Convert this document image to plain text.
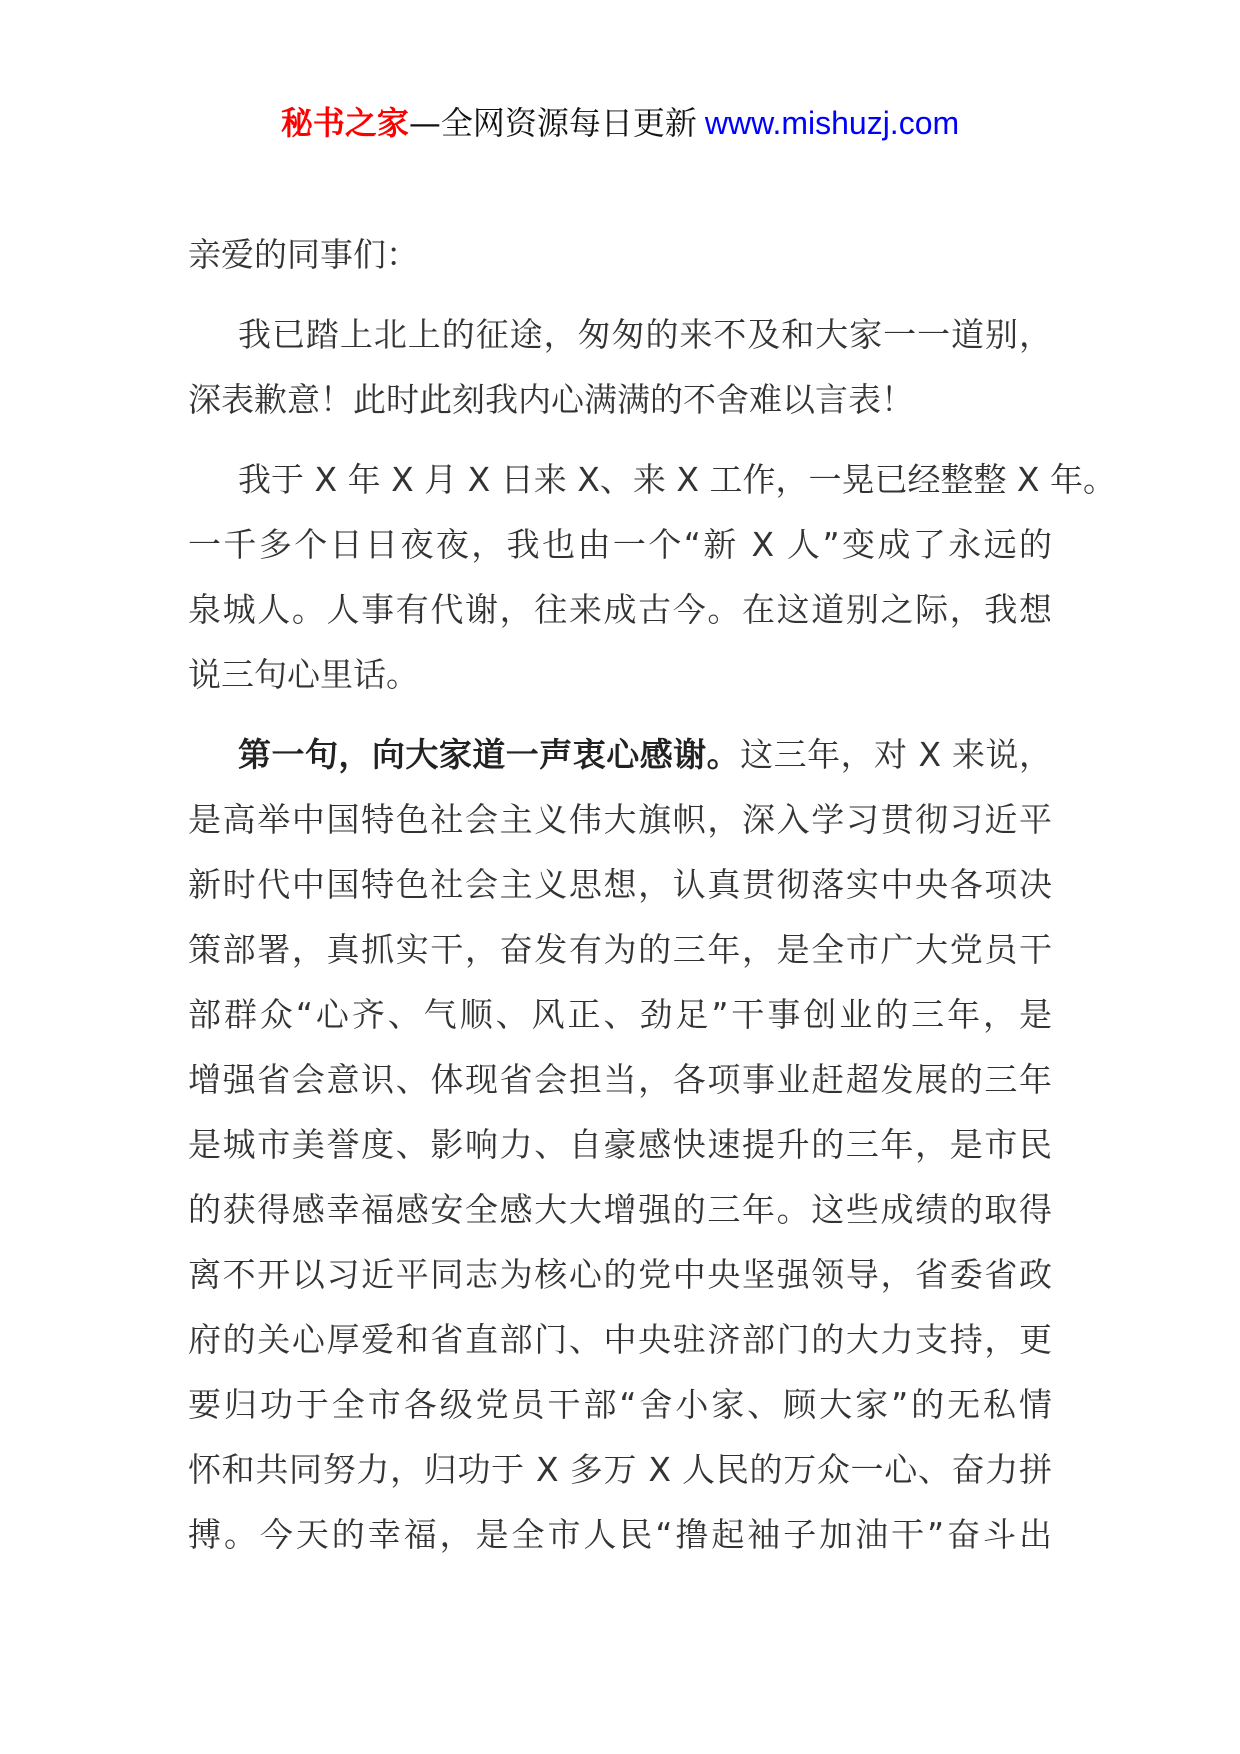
秘书之家—全网资源每日更新 www.mishuzj.com
亲爱的同事们：
我已踏上北上的征途，匆匆的来不及和大家一一道别，
深表歉意！此时此刻我内心满满的不舍难以言表！
我于 X 年 X 月 X 日来 X、来 X 工作，一晃已经整整 X 年。
一千多个日日夜夜，我也由一个“新 X 人”变成了永远的
泉城人。人事有代谢，往来成古今。在这道别之际，我想
说三句心里话。
第一句，向大家道一声衷心感谢。这三年，对 X 来说，
是高举中国特色社会主义伟大旗帜，深入学习贯彻习近平
新时代中国特色社会主义思想，认真贯彻落实中央各项决
策部署，真抓实干，奋发有为的三年，是全市广大党员干
部群众“心齐、气顺、风正、劲足”干事创业的三年，是
增强省会意识、体现省会担当，各项事业赶超发展的三年
是城市美誉度、影响力、自豪感快速提升的三年，是市民
的获得感幸福感安全感大大增强的三年。这些成绩的取得
离不开以习近平同志为核心的党中央坚强领导，省委省政
府的关心厚爱和省直部门、中央驻济部门的大力支持，更
要归功于全市各级党员干部“舍小家、顾大家”的无私情
怀和共同努力，归功于 X 多万 X 人民的万众一心、奋力拼
搏。今天的幸福，是全市人民“撸起袖子加油干”奋斗出
